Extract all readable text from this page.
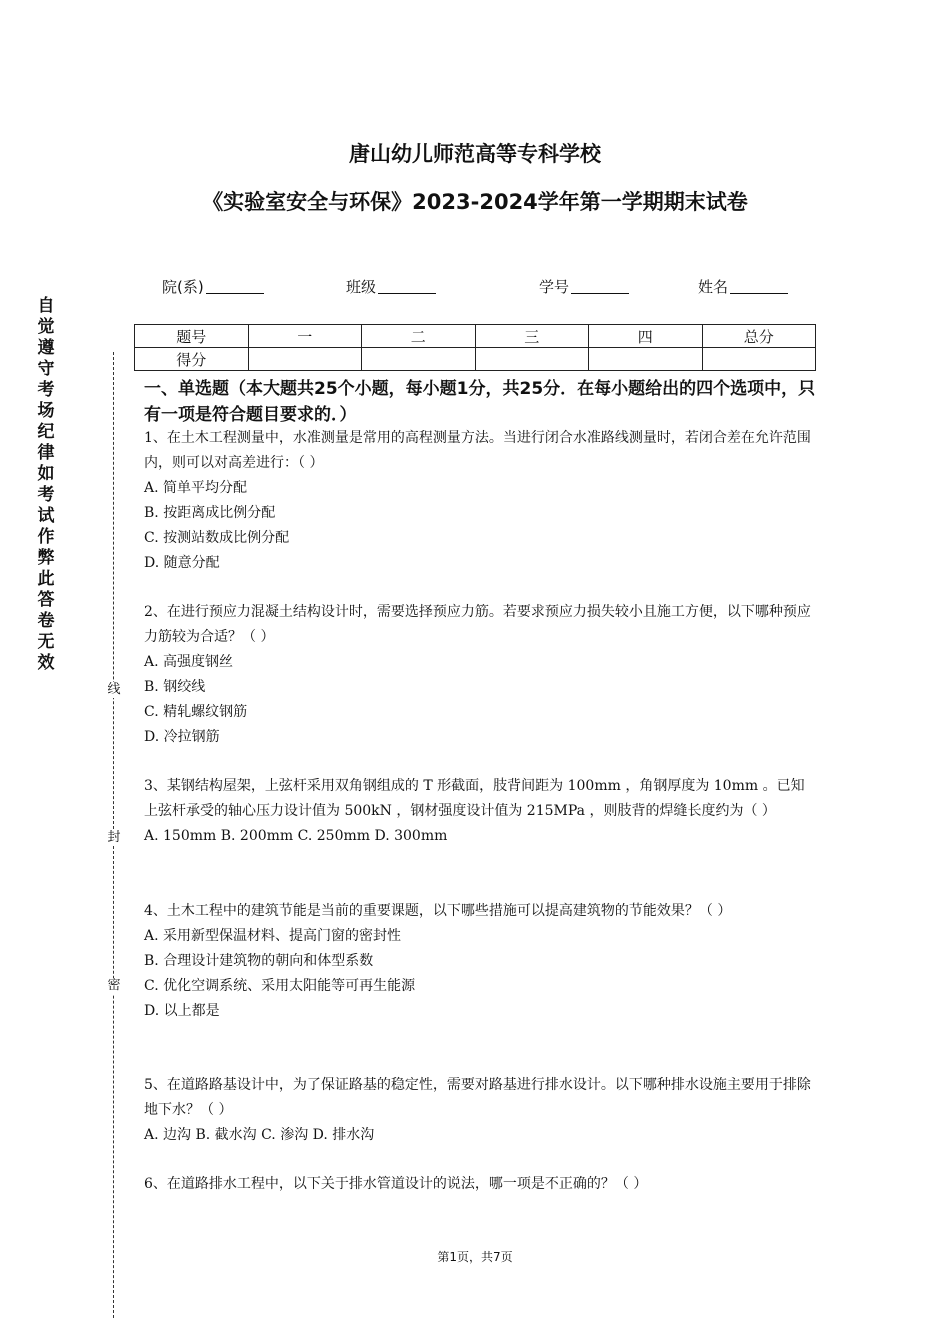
唐山幼儿师范高等专科学校
《实验室安全与环保》2023-2024学年第一学期期末试卷
院(系)	班级	学号	姓名
题号	一	二	三	四	总分
得分					
自觉遵守考场纪律如考试作弊此答卷无效
线
封
密
一、单选题（本大题共25个小题，每小题1分，共25分．在每小题给出的四个选项中，只有一项是符合题目要求的．）

1、在土木工程测量中，水准测量是常用的高程测量方法。当进行闭合水准路线测量时，若闭合差在允许范围内，则可以对高差进行：（ ）

A. 简单平均分配

B. 按距离成比例分配

C. 按测站数成比例分配

D. 随意分配

2、在进行预应力混凝土结构设计时，需要选择预应力筋。若要求预应力损失较小且施工方便，以下哪种预应力筋较为合适？（ ）

A. 高强度钢丝

B. 钢绞线

C. 精轧螺纹钢筋

D. 冷拉钢筋

3、某钢结构屋架，上弦杆采用双角钢组成的 T 形截面，肢背间距为 100mm ，角钢厚度为 10mm 。已知上弦杆承受的轴心压力设计值为 500kN ，钢材强度设计值为 215MPa ，则肢背的焊缝长度约为（ ）

A. 150mm B. 200mm C. 250mm D. 300mm

4、土木工程中的建筑节能是当前的重要课题，以下哪些措施可以提高建筑物的节能效果？（ ）

A. 采用新型保温材料、提高门窗的密封性

B. 合理设计建筑物的朝向和体型系数

C. 优化空调系统、采用太阳能等可再生能源

D. 以上都是

5、在道路路基设计中，为了保证路基的稳定性，需要对路基进行排水设计。以下哪种排水设施主要用于排除地下水？（ ）

A. 边沟 B. 截水沟 C. 渗沟 D. 排水沟

6、在道路排水工程中，以下关于排水管道设计的说法，哪一项是不正确的？（ ）

第1页，共7页
